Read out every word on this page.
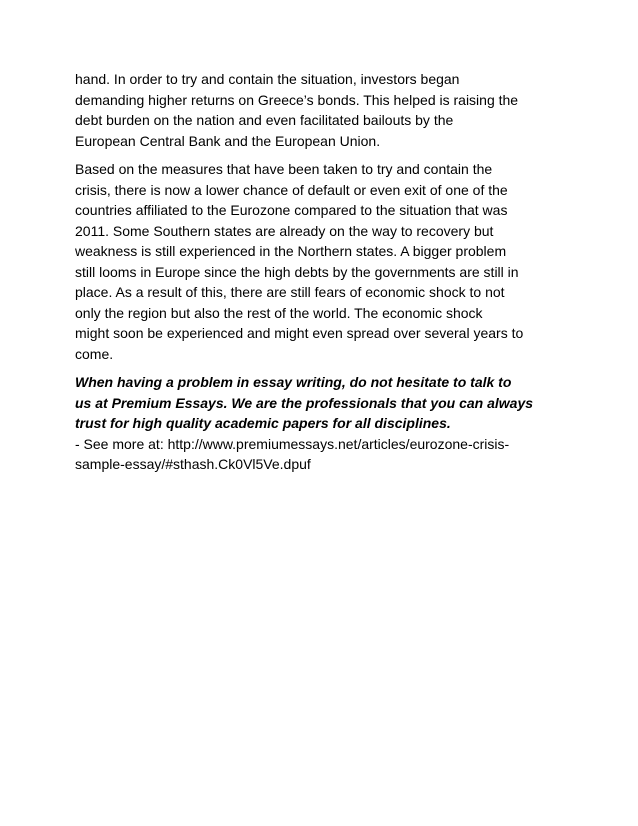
hand. In order to try and contain the situation, investors began
demanding higher returns on Greece’s bonds. This helped is raising the
debt burden on the nation and even facilitated bailouts by the
European Central Bank and the European Union.

Based on the measures that have been taken to try and contain the
crisis, there is now a lower chance of default or even exit of one of the
countries affiliated to the Eurozone compared to the situation that was
2011. Some Southern states are already on the way to recovery but
weakness is still experienced in the Northern states. A bigger problem
still looms in Europe since the high debts by the governments are still in
place. As a result of this, there are still fears of economic shock to not
only the region but also the rest of the world. The economic shock
might soon be experienced and might even spread over several years to
come.

When having a problem in essay writing, do not hesitate to talk to
us at Premium Essays. We are the professionals that you can always
trust for high quality academic papers for all disciplines.

- See more at: http://www.premiumessays.net/articles/eurozone-crisis-
sample-essay/#sthash.Ck0Vl5Ve.dpuf
